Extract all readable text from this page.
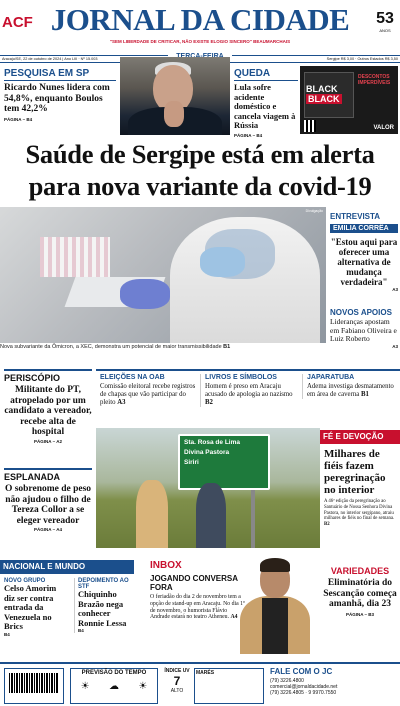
ACF JORNAL DA CIDADE
"SEM LIBERDADE DE CRITICAR, NÃO EXISTE ELOGIO SINCERO" BEAUMARCHAIS
53
ANOS
Aracaju/SE, 22 de outubro de 2024 | Ano LIII · Nº 15.003	Sergipe R$ 3,00 · Outros Estados R$ 3,50
PESQUISA EM SP
Ricardo Nunes lidera com 54,8%, enquanto Boulos tem 42,2%
PÁGINA – B4
QUEDA
Lula sofre acidente doméstico e cancela viagem à Rússia
PÁGINA – B4
BLACK
BLACK
DESCONTOS IMPERDÍVEIS
VALOR
Saúde de Sergipe está em alerta
para nova variante da covid-19
Divulgação
Nova subvariante da Ômicron, a XEC, demonstra um potencial de maior transmissibilidade B1
ENTREVISTA
EMILIA CORRÊA
"Estou aqui para oferecer uma alternativa de mudança verdadeira"
A3
NOVOS APOIOS
Lideranças apostam em Fabiano Oliveira e Luiz Roberto
A3
PERISCÓPIO
Militante do PT, atropelado por um candidato a vereador, recebe alta de hospital
PÁGINA – A2
ESPLANADA
O sobrenome de peso não ajudou o filho de Tereza Collor a se eleger vereador
PÁGINA – A4
ELEIÇÕES NA OAB

Comissão eleitoral recebe registros de chapas que vão participar do pleito A3

LIVROS E SÍMBOLOS

Homem é preso em Aracaju acusado de apologia ao nazismo B2

JAPARATUBA

Adema investiga desmatamento em área de caverna B1

Sta. Rosa de Lima
Divina Pastora
Siriri
FÉ E DEVOÇÃO
Milhares de fiéis fazem peregrinação no interior
A 46ª edição da peregrinação ao Santuário de Nossa Senhora Divina Pastora, no interior sergipano, atraiu milhares de fiéis no final de semana. B2
NACIONAL E MUNDO
NOVO GRUPO
Celso Amorim diz ser contra entrada da Venezuela no Brics
B4
DEPOIMENTO AO STF
Chiquinho Brazão nega conhecer Ronnie Lessa
B4
INBOX
JOGANDO CONVERSA FORA
O feriadão do dia 2 de novembro tem a opção de stand-up em Aracaju. No dia 1º de novembro, o humorista Flávio Andrade estará no teatro Atheneu. A4
VARIEDADES
Eliminatória do Sescanção começa amanhã, dia 23
PÁGINA – B3
PREVISÃO DO TEMPO
☀ ☁ ☀
ÍNDICE UV
7
ALTO
MARÉS	FALE COM O JC
(79) 3226.4800
comercial@jornaldacidade.net
(79) 3226.4805 · 9 9970.7550
